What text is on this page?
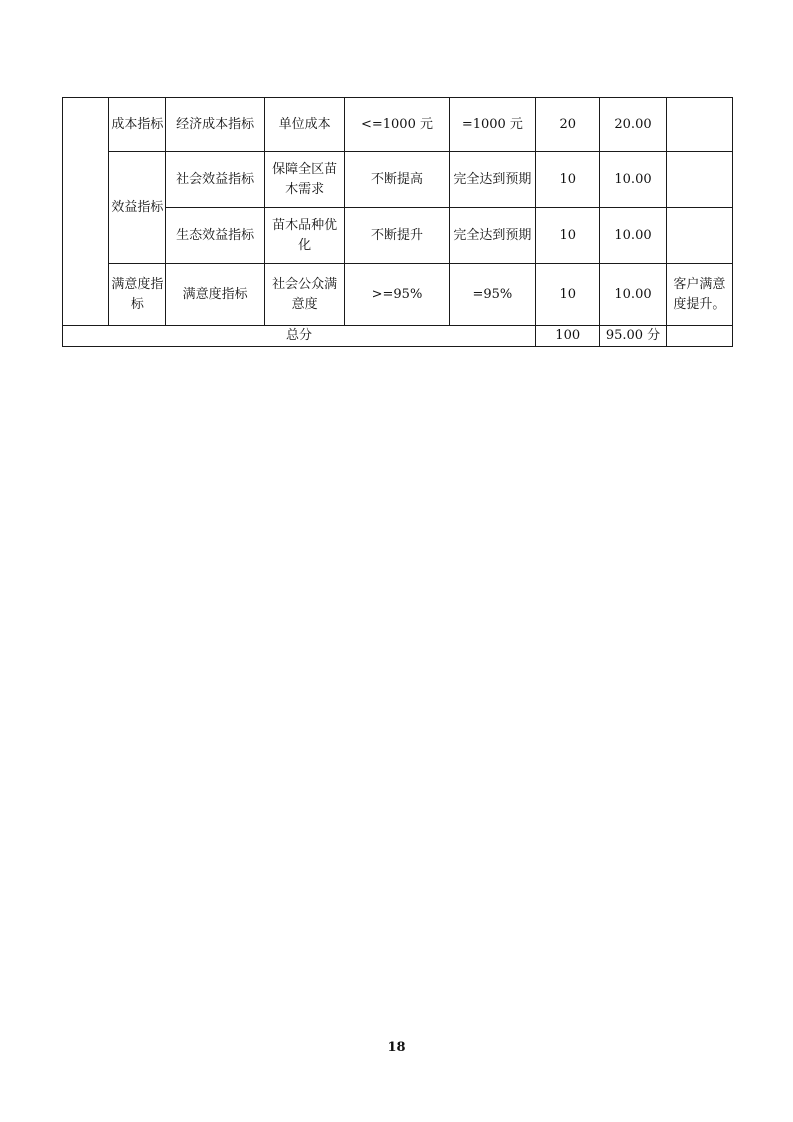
	成本指标	经济成本指标	单位成本	<=1000 元	=1000 元	20	20.00	
	效益指标	社会效益指标	保障全区苗木需求	不断提高	完全达到预期	10	10.00	
		生态效益指标	苗木品种优化	不断提升	完全达到预期	10	10.00	
	满意度指标	满意度指标	社会公众满意度	>=95%	=95%	10	10.00	客户满意度提升。
总分						100	95.00 分	
18
